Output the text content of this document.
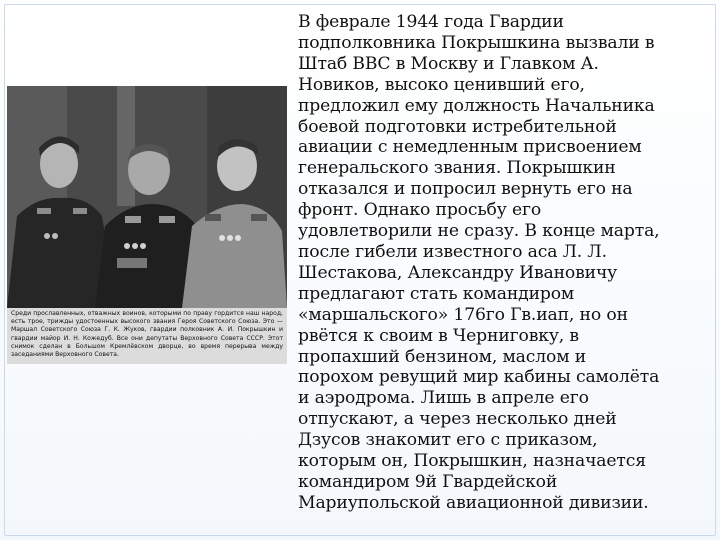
Среди прославленных, отважных воинов, которыми по праву гордится наш народ, есть трое, трижды удостоенных высокого звания Героя Советского Союза. Это — Маршал Советского Союза Г. К. Жуков, гвардии полковник А. И. Покрышкин и гвардии майор И. Н. Кожедуб. Все они депутаты Верховного Совета СССР. Этот снимок сделан в Большом Кремлёвском дворце, во время перерыва между заседаниями Верховного Совета.

В феврале 1944 года Гвардии
подполковника Покрышкина вызвали в
Штаб ВВС в Москву и Главком А.
Новиков, высоко ценивший его,
предложил ему должность Начальника
боевой подготовки истребительной
авиации с немедленным присвоением
генеральского звания. Покрышкин
отказался и попросил вернуть его на
фронт. Однако просьбу его
удовлетворили не сразу. В конце марта,
после гибели известного аса Л. Л.
Шестакова, Александру Ивановичу
предлагают стать командиром
«маршальского» 176го Гв.иап, но он
рвётся к своим в Черниговку, в
пропахший бензином, маслом и
порохом ревущий мир кабины самолёта
и аэродрома. Лишь в апреле его
отпускают, а через несколько дней
Дзусов знакомит его с приказом,
которым он, Покрышкин, назначается
командиром 9й Гвардейской
Мариупольской авиационной дивизии.
